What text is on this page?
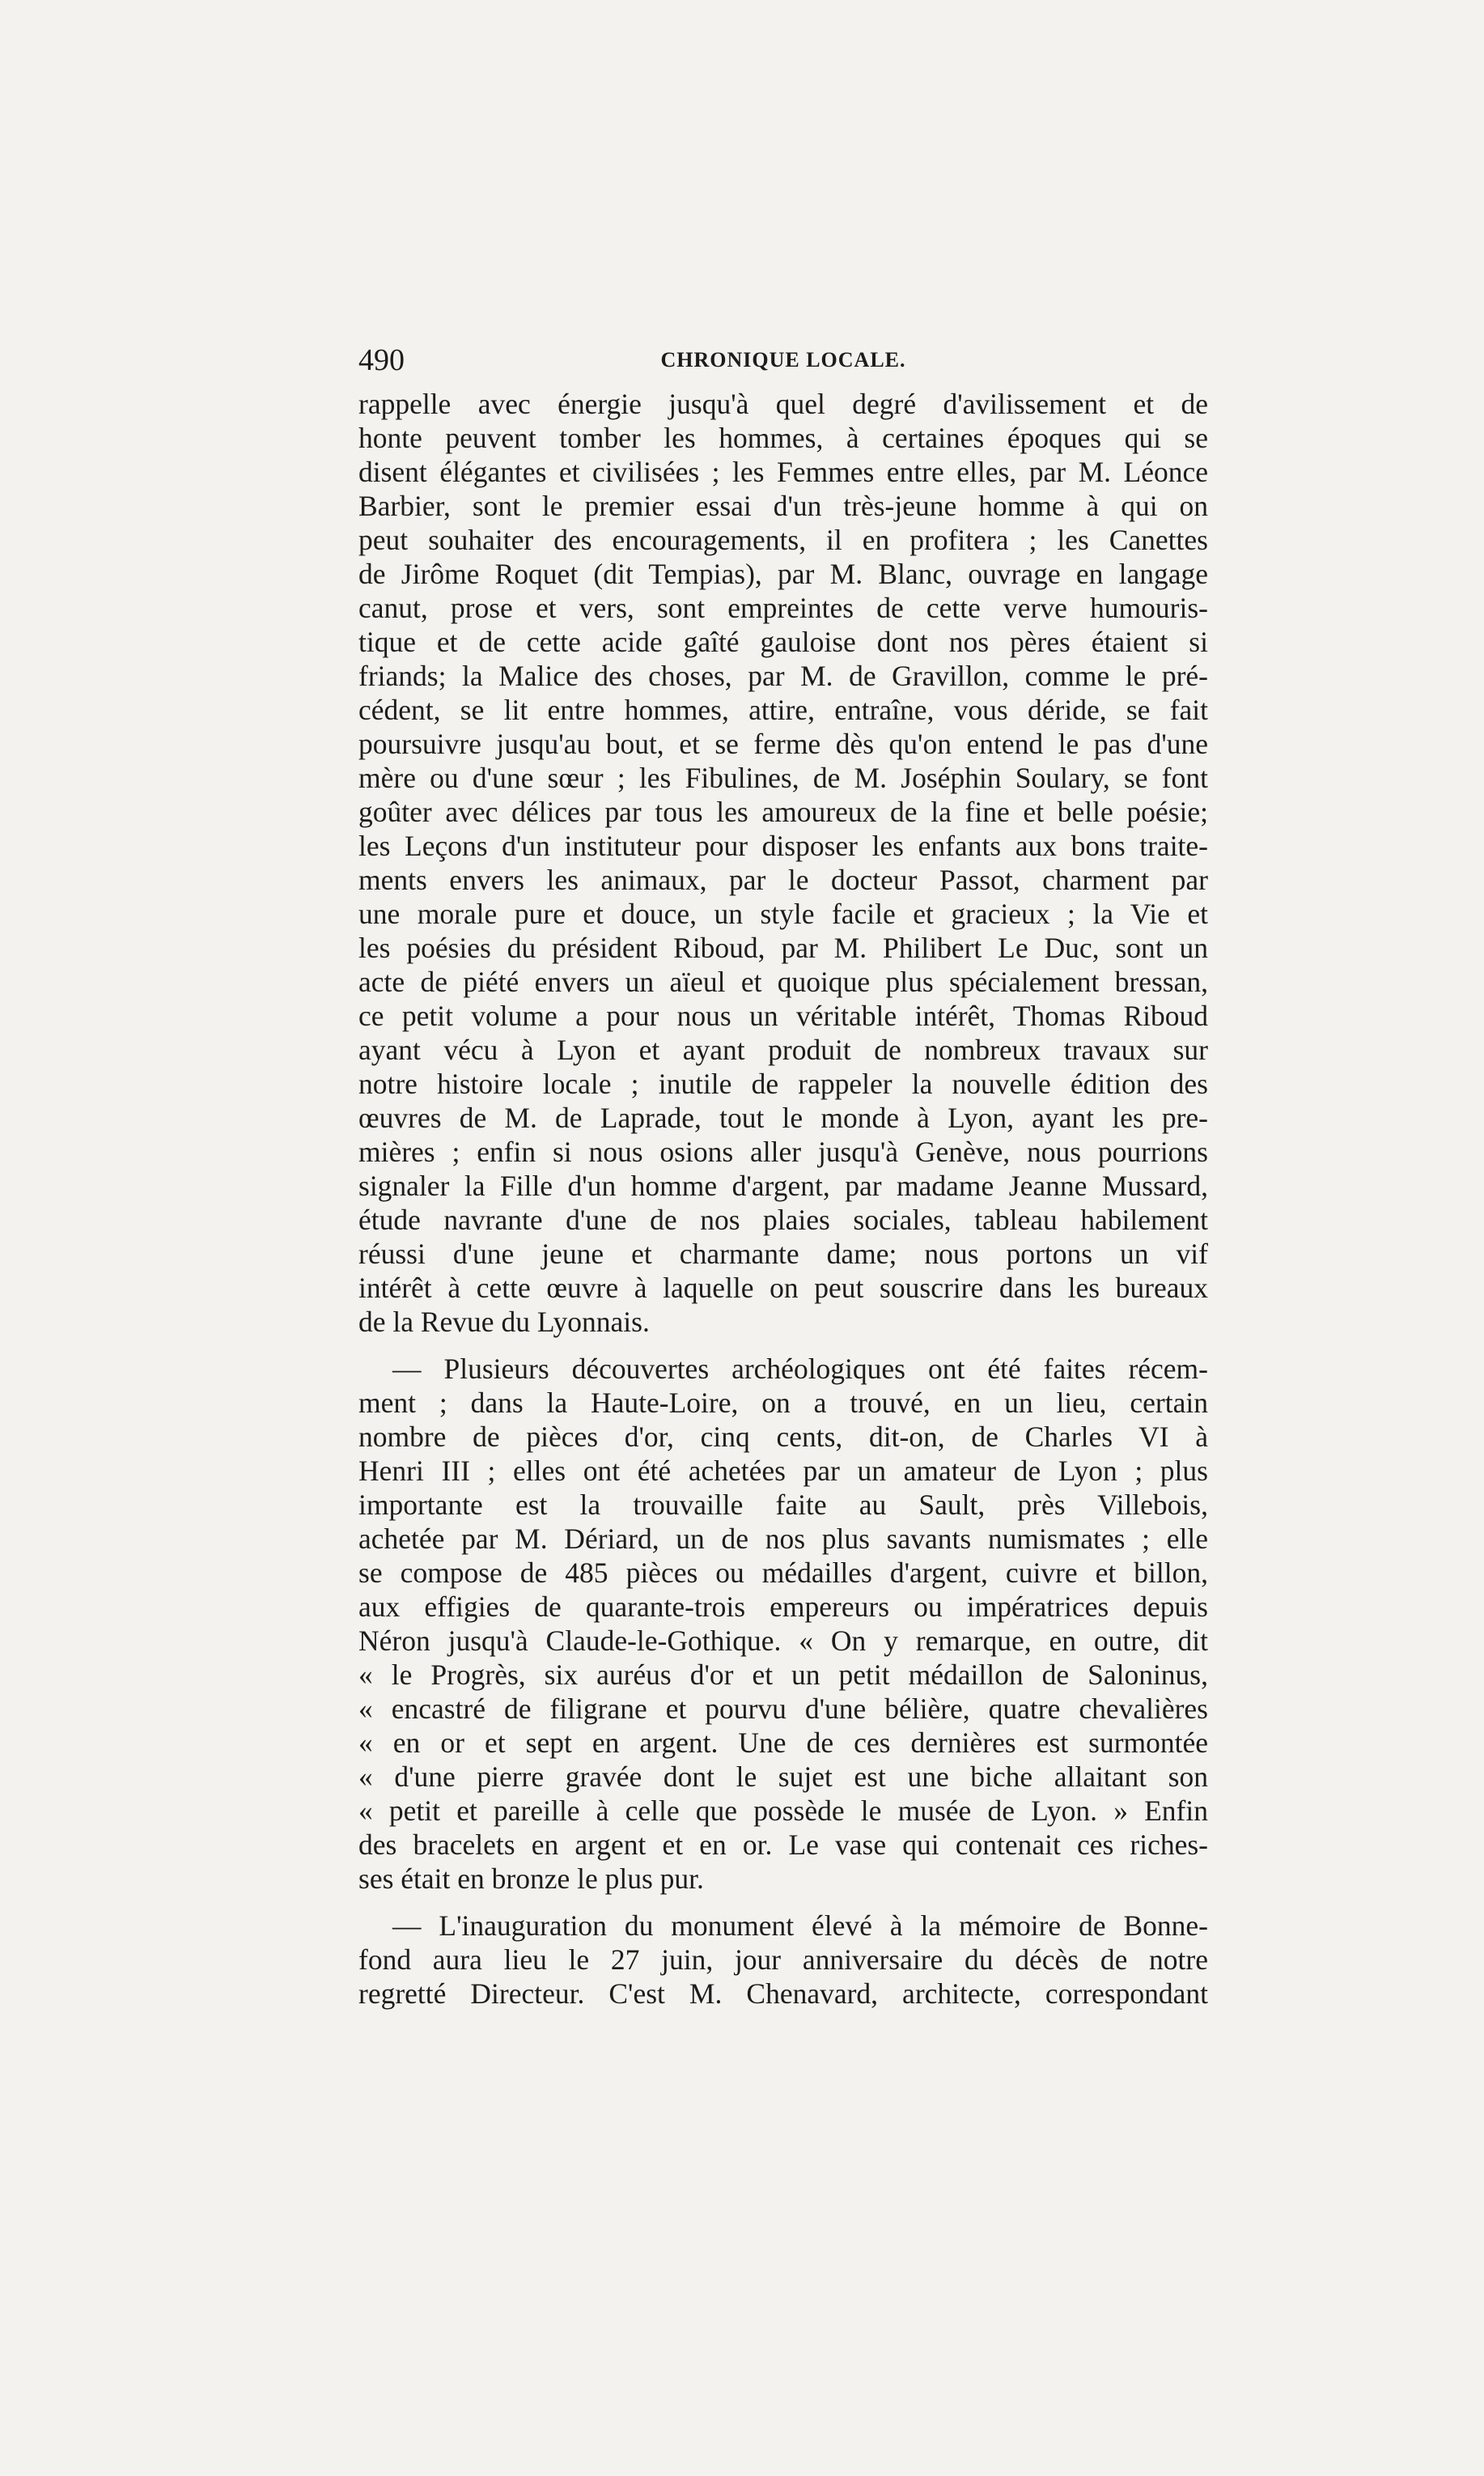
490	CHRONIQUE LOCALE.
rappelle avec énergie jusqu'à quel degré d'avilissement et de
honte peuvent tomber les hommes, à certaines époques qui se
disent élégantes et civilisées ; les Femmes entre elles, par M. Léonce
Barbier, sont le premier essai d'un très-jeune homme à qui on
peut souhaiter des encouragements, il en profitera ; les Canettes
de Jirôme Roquet (dit Tempias), par M. Blanc, ouvrage en langage
canut, prose et vers, sont empreintes de cette verve humouris-
tique et de cette acide gaîté gauloise dont nos pères étaient si
friands; la Malice des choses, par M. de Gravillon, comme le pré-
cédent, se lit entre hommes, attire, entraîne, vous déride, se fait
poursuivre jusqu'au bout, et se ferme dès qu'on entend le pas d'une
mère ou d'une sœur ; les Fibulines, de M. Joséphin Soulary, se font
goûter avec délices par tous les amoureux de la fine et belle poésie;
les Leçons d'un instituteur pour disposer les enfants aux bons traite-
ments envers les animaux, par le docteur Passot, charment par
une morale pure et douce, un style facile et gracieux ; la Vie et
les poésies du président Riboud, par M. Philibert Le Duc, sont un
acte de piété envers un aïeul et quoique plus spécialement bressan,
ce petit volume a pour nous un véritable intérêt, Thomas Riboud
ayant vécu à Lyon et ayant produit de nombreux travaux sur
notre histoire locale ; inutile de rappeler la nouvelle édition des
œuvres de M. de Laprade, tout le monde à Lyon, ayant les pre-
mières ; enfin si nous osions aller jusqu'à Genève, nous pourrions
signaler la Fille d'un homme d'argent, par madame Jeanne Mussard,
étude navrante d'une de nos plaies sociales, tableau habilement
réussi d'une jeune et charmante dame; nous portons un vif
intérêt à cette œuvre à laquelle on peut souscrire dans les bureaux
de la Revue du Lyonnais.
— Plusieurs découvertes archéologiques ont été faites récem-
ment ; dans la Haute-Loire, on a trouvé, en un lieu, certain
nombre de pièces d'or, cinq cents, dit-on, de Charles VI à
Henri III ; elles ont été achetées par un amateur de Lyon ; plus
importante est la trouvaille faite au Sault, près Villebois,
achetée par M. Dériard, un de nos plus savants numismates ; elle
se compose de 485 pièces ou médailles d'argent, cuivre et billon,
aux effigies de quarante-trois empereurs ou impératrices depuis
Néron jusqu'à Claude-le-Gothique. « On y remarque, en outre, dit
« le Progrès, six auréus d'or et un petit médaillon de Saloninus,
« encastré de filigrane et pourvu d'une bélière, quatre chevalières
« en or et sept en argent. Une de ces dernières est surmontée
« d'une pierre gravée dont le sujet est une biche allaitant son
« petit et pareille à celle que possède le musée de Lyon. » Enfin
des bracelets en argent et en or. Le vase qui contenait ces riches-
ses était en bronze le plus pur.
— L'inauguration du monument élevé à la mémoire de Bonne-
fond aura lieu le 27 juin, jour anniversaire du décès de notre
regretté Directeur. C'est M. Chenavard, architecte, correspondant
